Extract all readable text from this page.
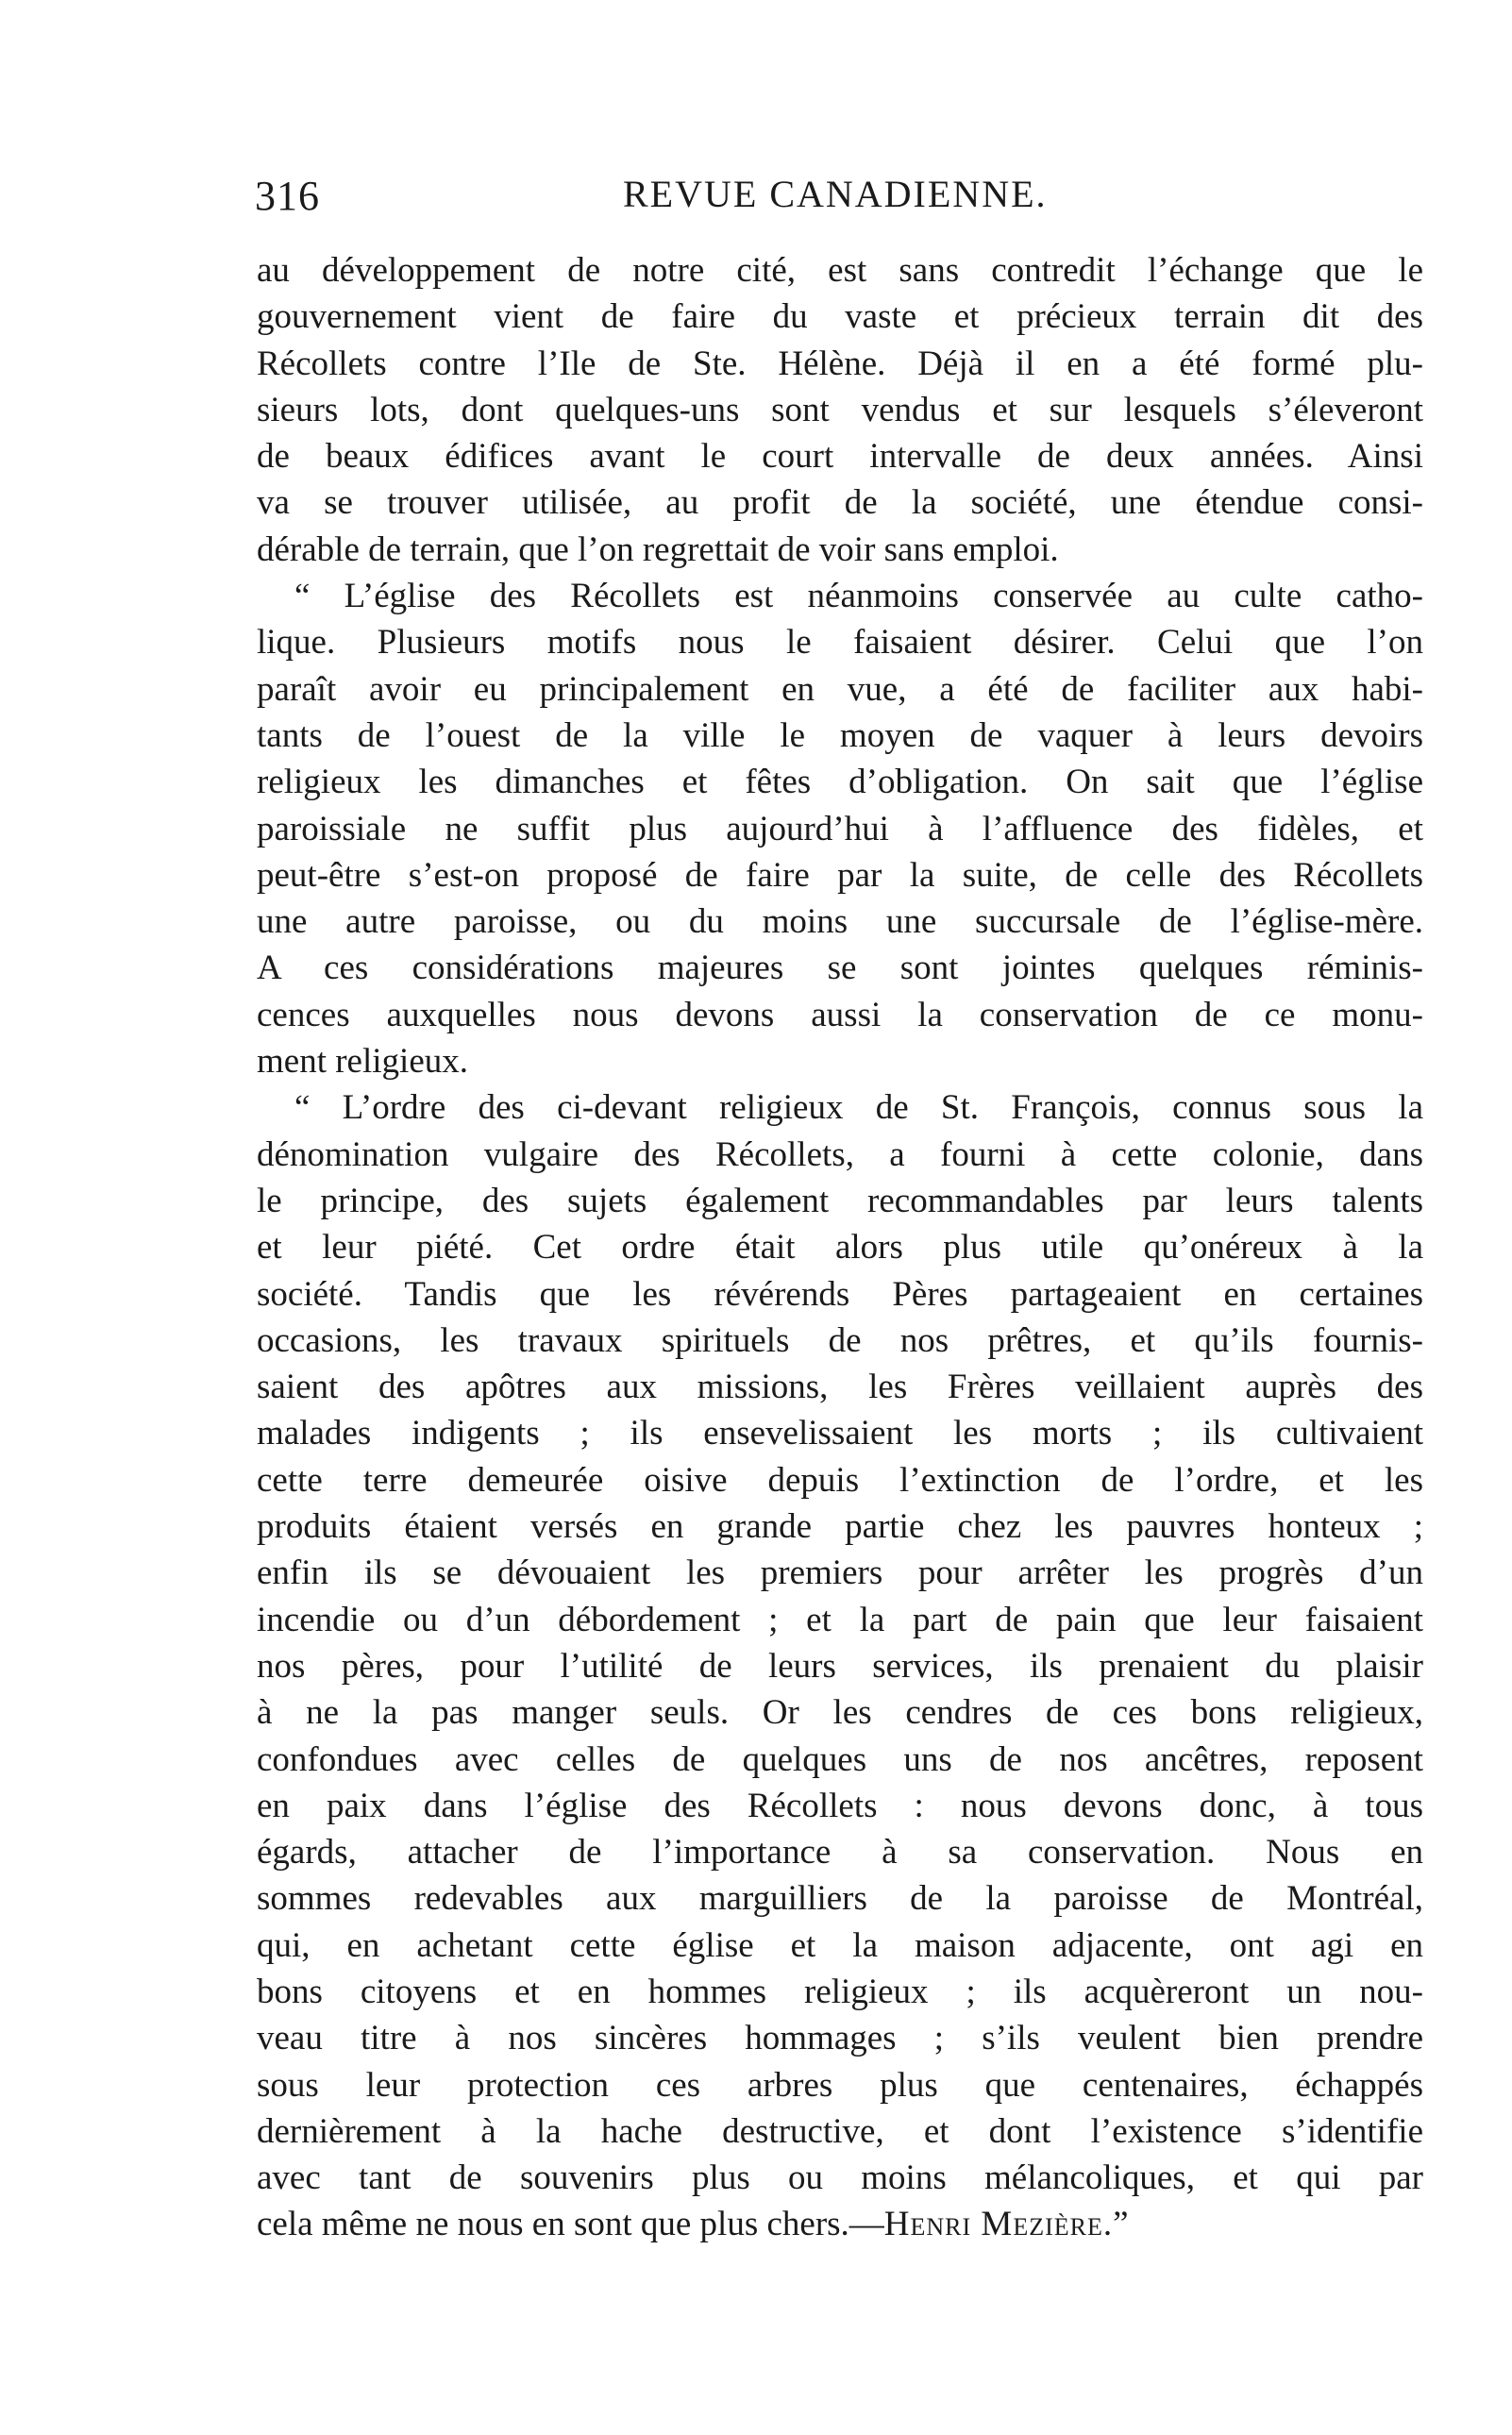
316	REVUE CANADIENNE.
au développement de notre cité, est sans contredit l’échange que le
gouvernement vient de faire du vaste et précieux terrain dit des
Récollets contre l’Ile de Ste. Hélène. Déjà il en a été formé plu-
sieurs lots, dont quelques-uns sont vendus et sur lesquels s’éleveront
de beaux édifices avant le court intervalle de deux années. Ainsi
va se trouver utilisée, au profit de la société, une étendue consi-
dérable de terrain, que l’on regrettait de voir sans emploi.
“ L’église des Récollets est néanmoins conservée au culte catho-
lique. Plusieurs motifs nous le faisaient désirer. Celui que l’on
paraît avoir eu principalement en vue, a été de faciliter aux habi-
tants de l’ouest de la ville le moyen de vaquer à leurs devoirs
religieux les dimanches et fêtes d’obligation. On sait que l’église
paroissiale ne suffit plus aujourd’hui à l’affluence des fidèles, et
peut-être s’est-on proposé de faire par la suite, de celle des Récollets
une autre paroisse, ou du moins une succursale de l’église-mère.
A ces considérations majeures se sont jointes quelques réminis-
cences auxquelles nous devons aussi la conservation de ce monu-
ment religieux.
“ L’ordre des ci-devant religieux de St. François, connus sous la
dénomination vulgaire des Récollets, a fourni à cette colonie, dans
le principe, des sujets également recommandables par leurs talents
et leur piété. Cet ordre était alors plus utile qu’onéreux à la
société. Tandis que les révérends Pères partageaient en certaines
occasions, les travaux spirituels de nos prêtres, et qu’ils fournis-
saient des apôtres aux missions, les Frères veillaient auprès des
malades indigents ; ils ensevelissaient les morts ; ils cultivaient
cette terre demeurée oisive depuis l’extinction de l’ordre, et les
produits étaient versés en grande partie chez les pauvres honteux ;
enfin ils se dévouaient les premiers pour arrêter les progrès d’un
incendie ou d’un débordement ; et la part de pain que leur faisaient
nos pères, pour l’utilité de leurs services, ils prenaient du plaisir
à ne la pas manger seuls. Or les cendres de ces bons religieux,
confondues avec celles de quelques uns de nos ancêtres, reposent
en paix dans l’église des Récollets : nous devons donc, à tous
égards, attacher de l’importance à sa conservation. Nous en
sommes redevables aux marguilliers de la paroisse de Montréal,
qui, en achetant cette église et la maison adjacente, ont agi en
bons citoyens et en hommes religieux ; ils acquèreront un nou-
veau titre à nos sincères hommages ; s’ils veulent bien prendre
sous leur protection ces arbres plus que centenaires, échappés
dernièrement à la hache destructive, et dont l’existence s’identifie
avec tant de souvenirs plus ou moins mélancoliques, et qui par
cela même ne nous en sont que plus chers.—Henri Mezière.”
